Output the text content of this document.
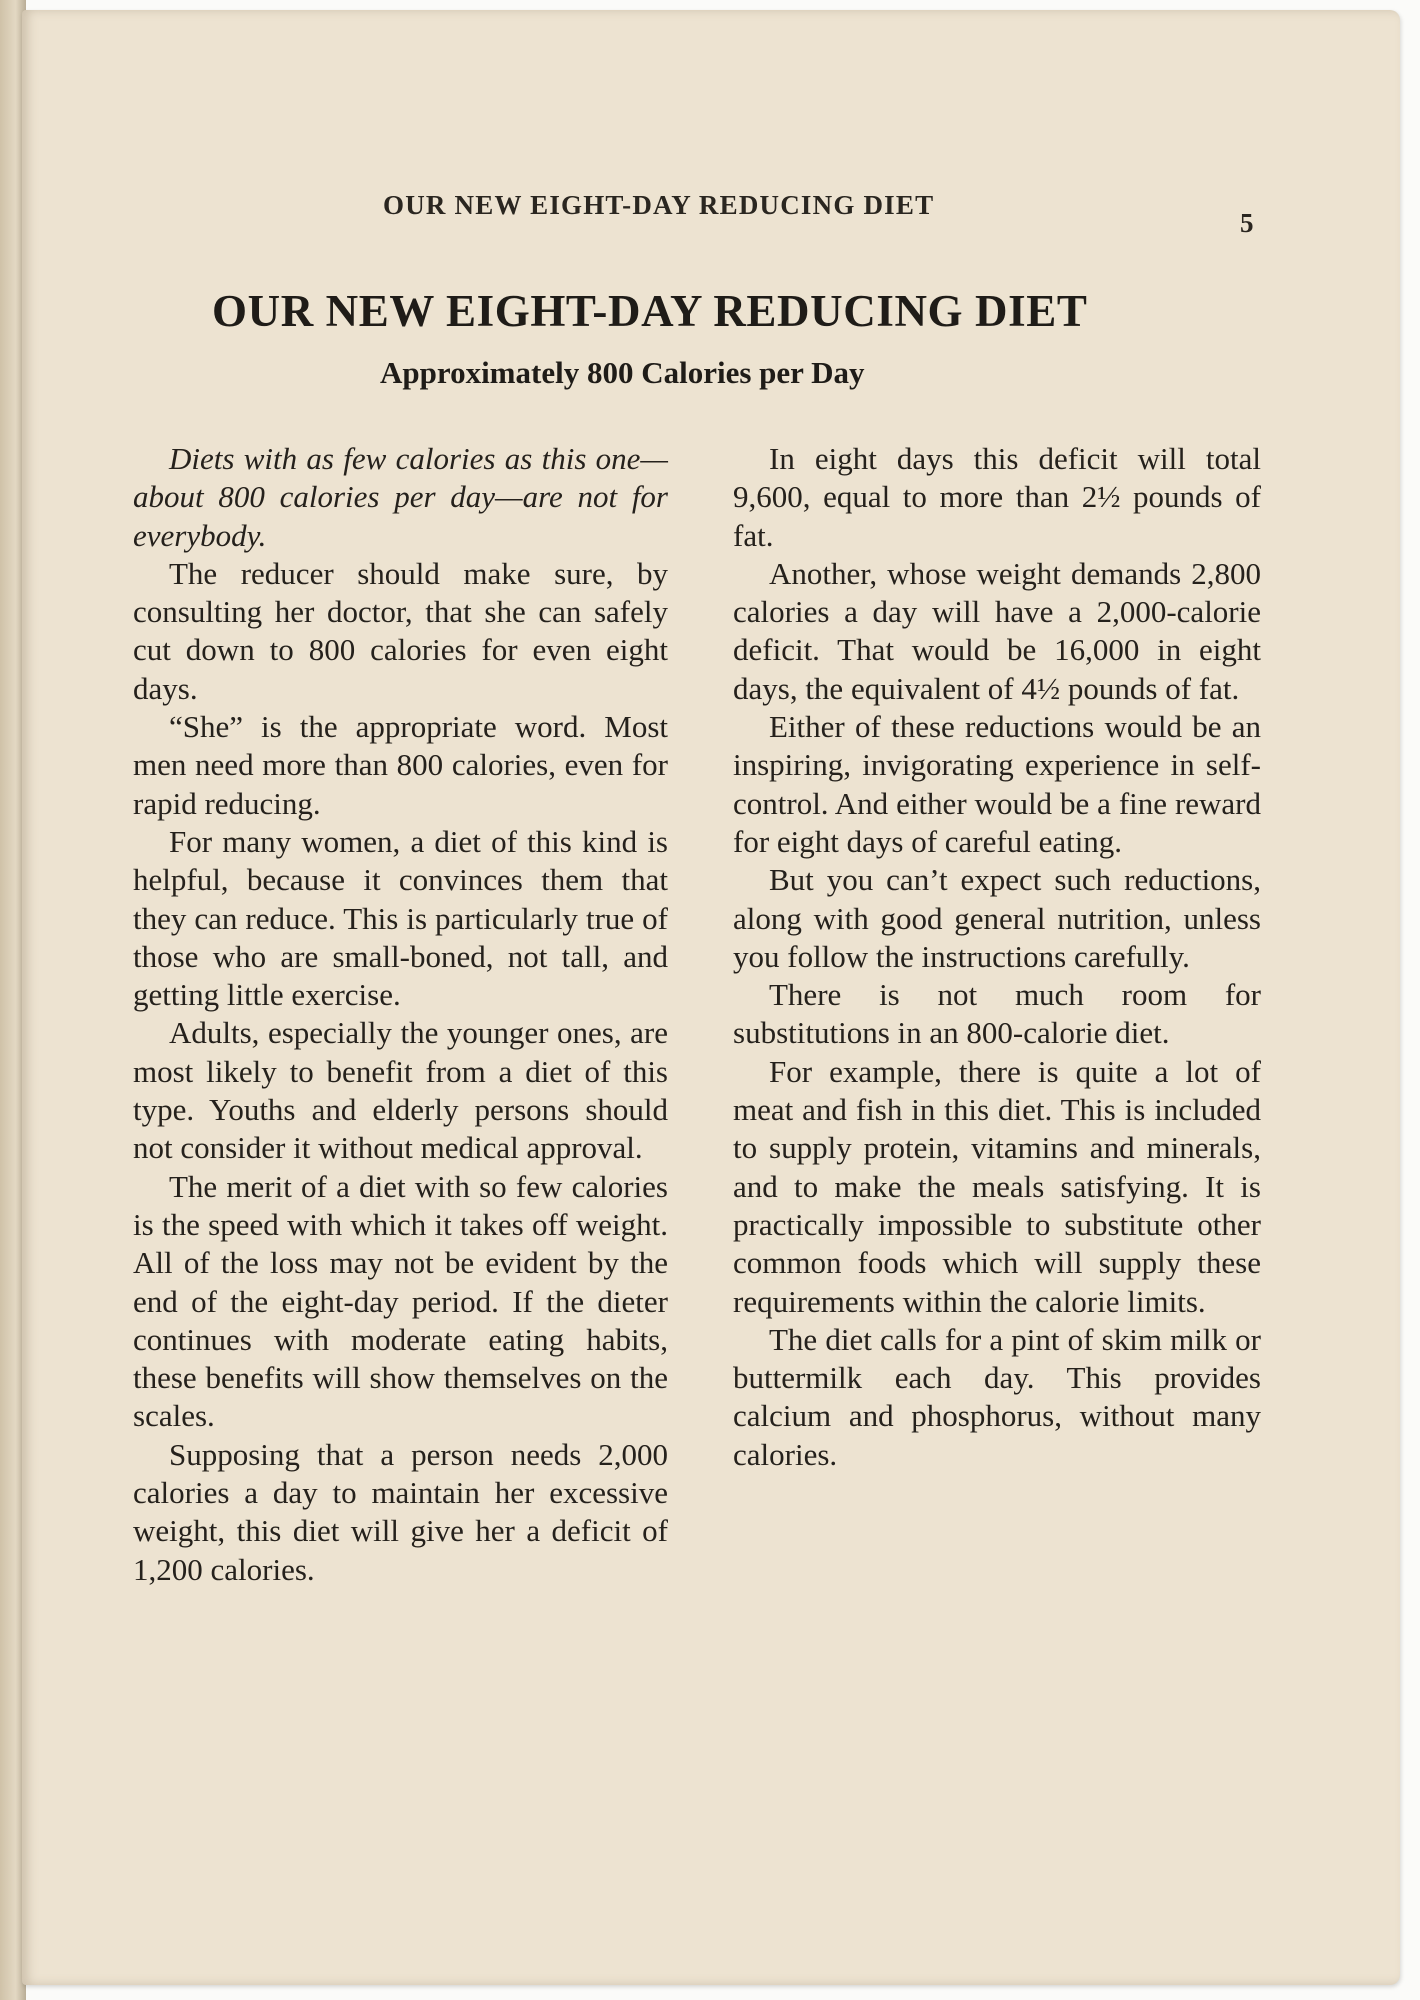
OUR NEW EIGHT-DAY REDUCING DIET
5
OUR NEW EIGHT-DAY REDUCING DIET
Approximately 800 Calories per Day

Diets with as few calories as this one—about 800 calories per day—are not for everybody.

The reducer should make sure, by consulting her doctor, that she can safely cut down to 800 calories for even eight days.

“She” is the appropriate word. Most men need more than 800 calories, even for rapid reducing.

For many women, a diet of this kind is helpful, because it convinces them that they can reduce. This is particularly true of those who are small-boned, not tall, and getting little exercise.

Adults, especially the younger ones, are most likely to benefit from a diet of this type. Youths and elderly persons should not consider it without medical approval.

The merit of a diet with so few calories is the speed with which it takes off weight. All of the loss may not be evident by the end of the eight-day period. If the dieter continues with moderate eating habits, these benefits will show themselves on the scales.

Supposing that a person needs 2,000 calories a day to maintain her excessive weight, this diet will give her a deficit of 1,200 calories.

In eight days this deficit will total 9,600, equal to more than 2½ pounds of fat.

Another, whose weight demands 2,800 calories a day will have a 2,000-calorie deficit. That would be 16,000 in eight days, the equivalent of 4½ pounds of fat.

Either of these reductions would be an inspiring, invigorating experience in self-control. And either would be a fine reward for eight days of careful eating.

But you can’t expect such reductions, along with good general nutrition, unless you follow the instructions carefully.

There is not much room for substitutions in an 800-calorie diet.

For example, there is quite a lot of meat and fish in this diet. This is included to supply protein, vitamins and minerals, and to make the meals satisfying. It is practically impossible to substitute other common foods which will supply these requirements within the calorie limits.

The diet calls for a pint of skim milk or buttermilk each day. This provides calcium and phosphorus, without many calories.
